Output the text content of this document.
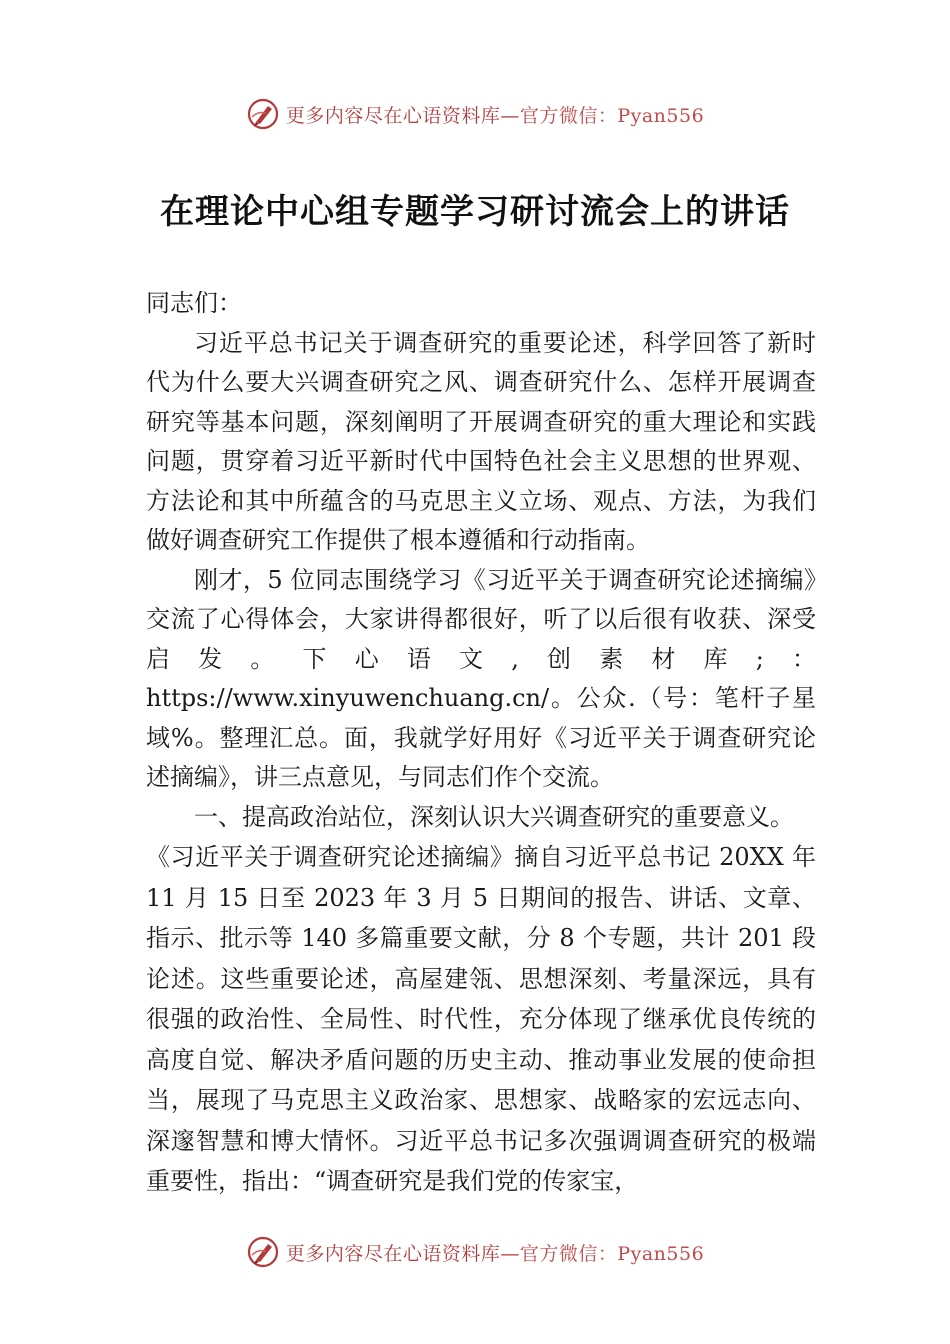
更多内容尽在心语资料库—官方微信：Pyan556
在理论中心组专题学习研讨流会上的讲话

同志们：

习近平总书记关于调查研究的重要论述，科学回答了新时代为什么要大兴调查研究之风、调查研究什么、怎样开展调查研究等基本问题，深刻阐明了开展调查研究的重大理论和实践问题，贯穿着习近平新时代中国特色社会主义思想的世界观、方法论和其中所蕴含的马克思主义立场、观点、方法，为我们做好调查研究工作提供了根本遵循和行动指南。

刚才，5 位同志围绕学习《习近平关于调查研究论述摘编》交流了心得体会，大家讲得都很好，听了以后很有收获、深受启发。下心语文,创素材库;：https://www.xinyuwenchuang.cn/。公众.（号：笔杆子星域%。整理汇总。面，我就学好用好《习近平关于调查研究论述摘编》，讲三点意见，与同志们作个交流。

一、提高政治站位，深刻认识大兴调查研究的重要意义。

《习近平关于调查研究论述摘编》摘自习近平总书记 20XX 年 11 月 15 日至 2023 年 3 月 5 日期间的报告、讲话、文章、指示、批示等 140 多篇重要文献，分 8 个专题，共计 201 段论述。这些重要论述，高屋建瓴、思想深刻、考量深远，具有很强的政治性、全局性、时代性，充分体现了继承优良传统的高度自觉、解决矛盾问题的历史主动、推动事业发展的使命担当，展现了马克思主义政治家、思想家、战略家的宏远志向、深邃智慧和博大情怀。习近平总书记多次强调调查研究的极端重要性，指出：“调查研究是我们党的传家宝，

更多内容尽在心语资料库—官方微信：Pyan556
